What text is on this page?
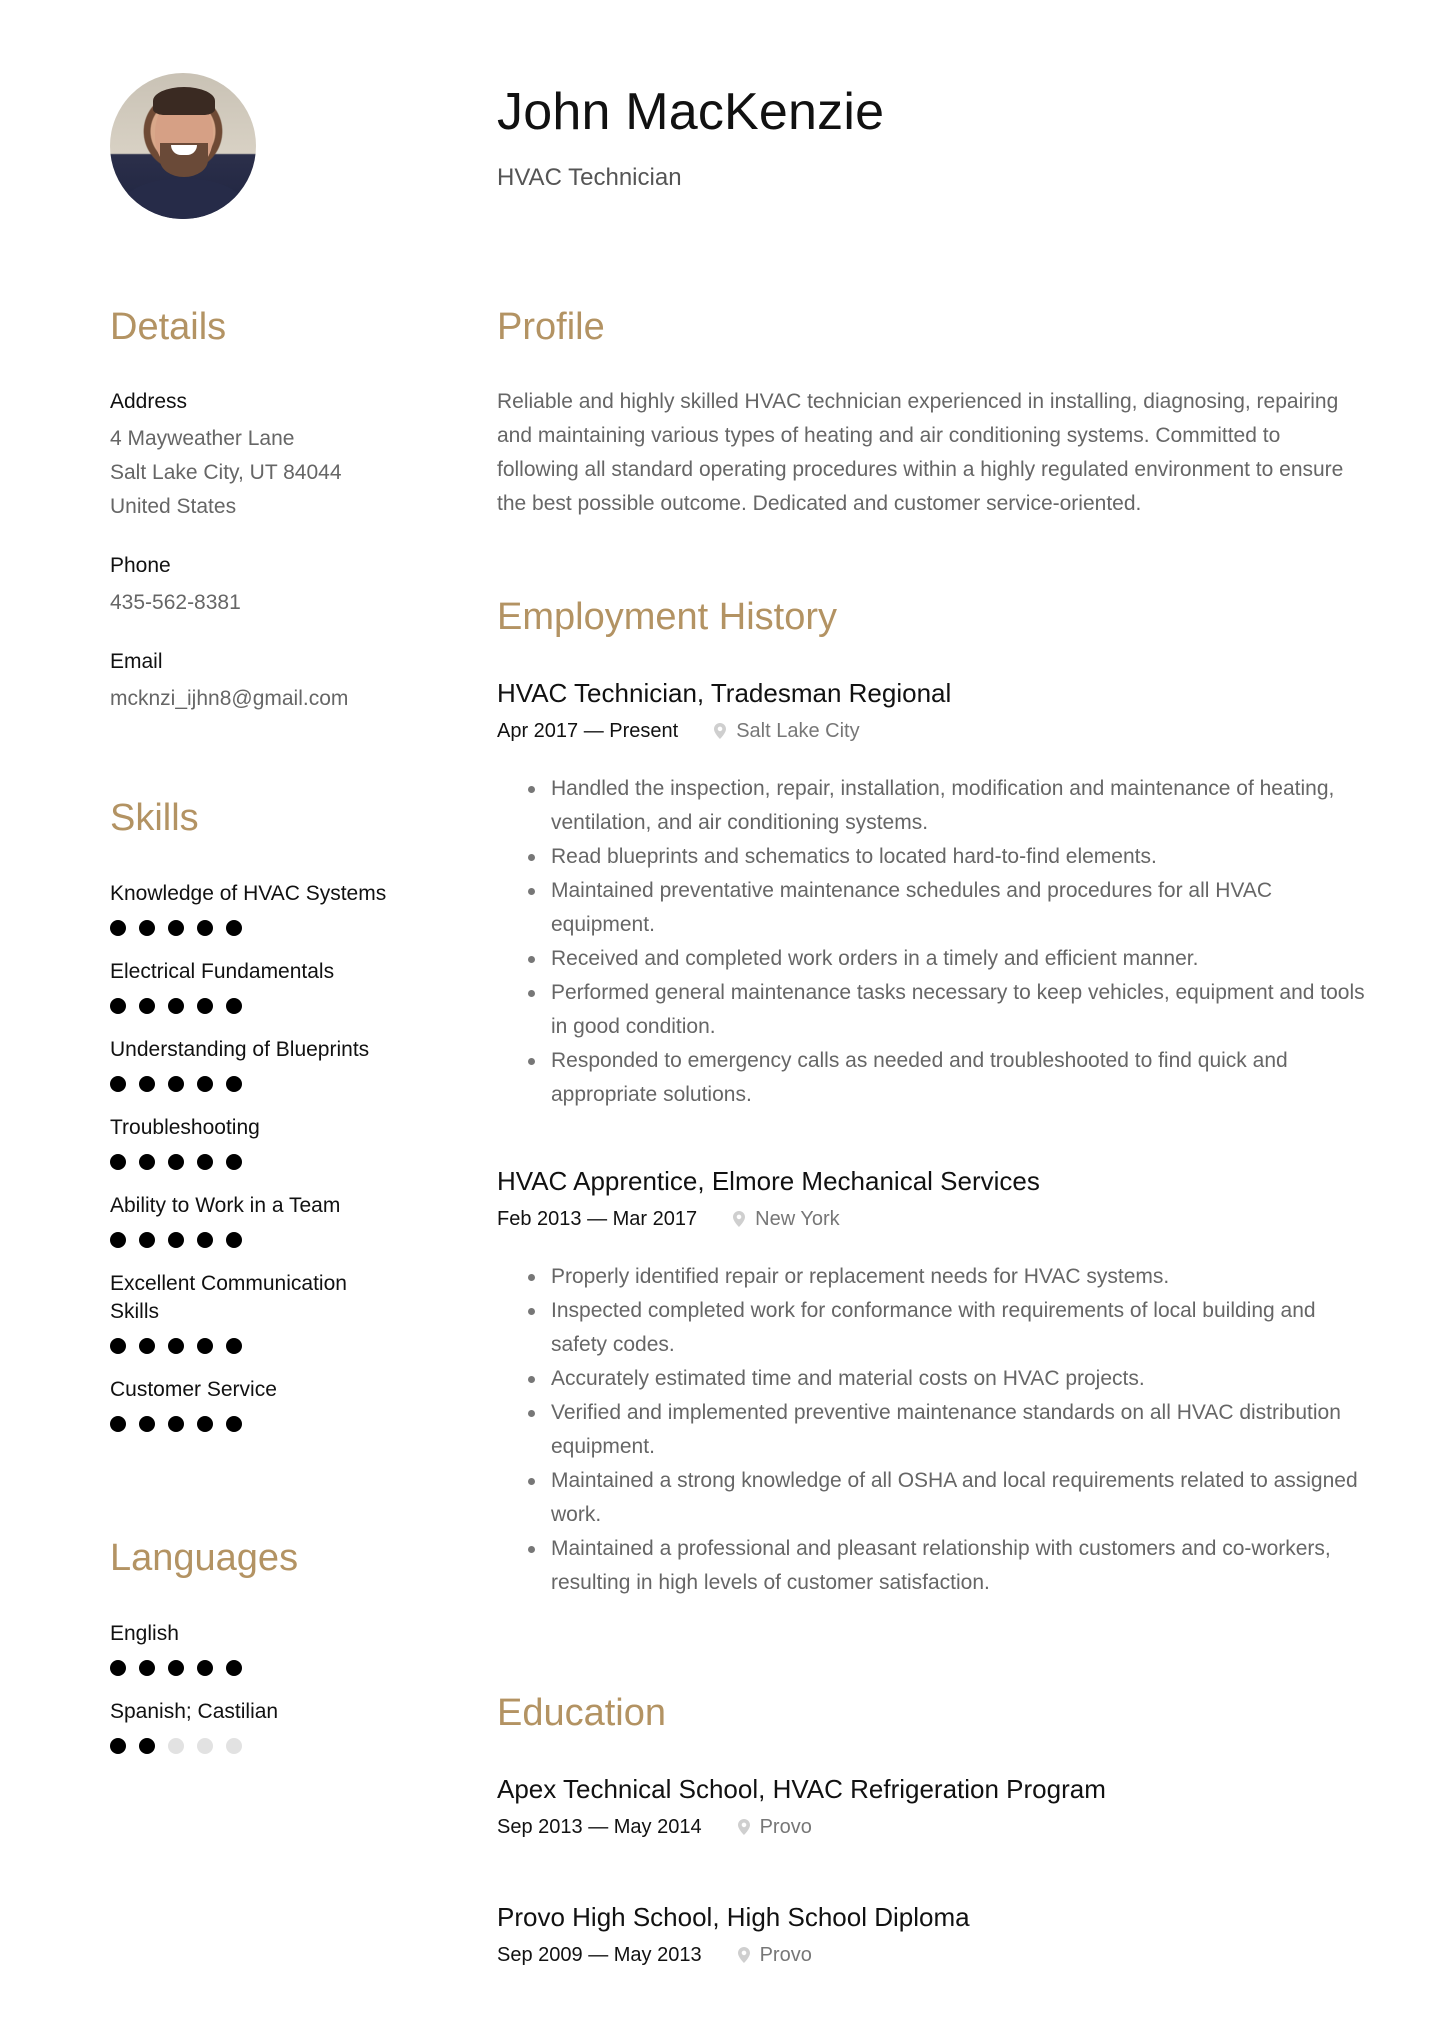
John MacKenzie
HVAC Technician
Details
Address
4 Mayweather Lane
Salt Lake City, UT 84044
United States
Phone
435-562-8381
Email
mcknzi_ijhn8@gmail.com
Skills
Knowledge of HVAC Systems
Electrical Fundamentals
Understanding of Blueprints
Troubleshooting
Ability to Work in a Team
Excellent Communication Skills
Customer Service
Languages
English
Spanish; Castilian
Profile
Reliable and highly skilled HVAC technician experienced in installing, diagnosing, repairing and maintaining various types of heating and air conditioning systems. Committed to following all standard operating procedures within a highly regulated environment to ensure the best possible outcome. Dedicated and customer service-oriented.
Employment History
HVAC Technician, Tradesman Regional
Apr 2017 — Present	Salt Lake City
Handled the inspection, repair, installation, modification and maintenance of heating, ventilation, and air conditioning systems.
Read blueprints and schematics to located hard-to-find elements.
Maintained preventative maintenance schedules and procedures for all HVAC equipment.
Received and completed work orders in a timely and efficient manner.
Performed general maintenance tasks necessary to keep vehicles, equipment and tools in good condition.
Responded to emergency calls as needed and troubleshooted to find quick and appropriate solutions.
HVAC Apprentice, Elmore Mechanical Services
Feb 2013 — Mar 2017	New York
Properly identified repair or replacement needs for HVAC systems.
Inspected completed work for conformance with requirements of local building and safety codes.
Accurately estimated time and material costs on HVAC projects.
Verified and implemented preventive maintenance standards on all HVAC distribution equipment.
Maintained a strong knowledge of all OSHA and local requirements related to assigned work.
Maintained a professional and pleasant relationship with customers and co-workers, resulting in high levels of customer satisfaction.
Education
Apex Technical School, HVAC Refrigeration Program
Sep 2013 — May 2014	Provo
Provo High School, High School Diploma
Sep 2009 — May 2013	Provo
